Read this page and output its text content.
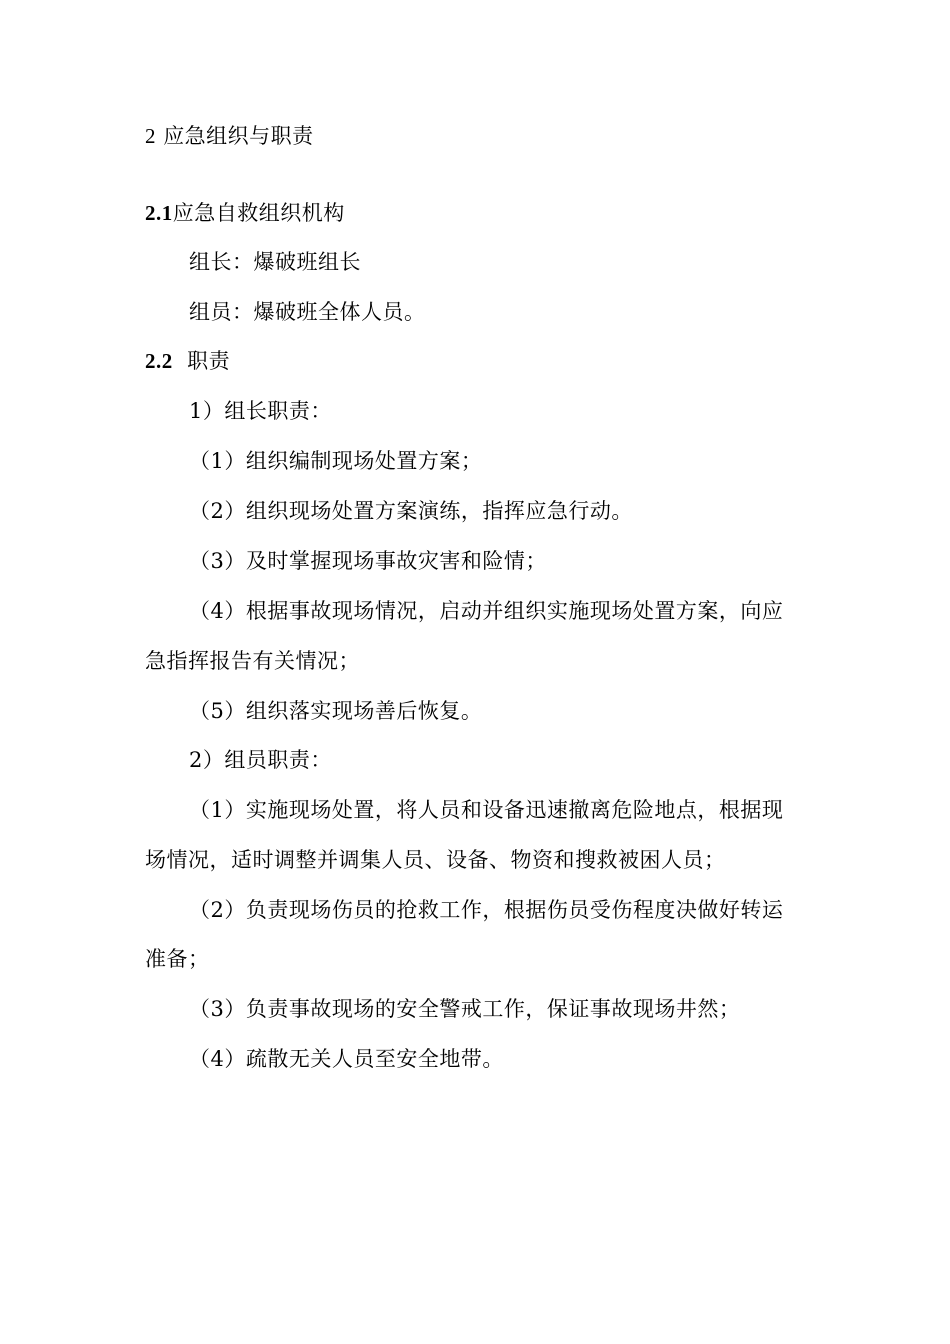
2 应急组织与职责
2.1应急自救组织机构
组长：爆破班组长
组员：爆破班全体人员。
2.2 职责
1）组长职责：
（1）组织编制现场处置方案；
（2）组织现场处置方案演练，指挥应急行动。
（3）及时掌握现场事故灾害和险情；
（4）根据事故现场情况，启动并组织实施现场处置方案，向应
急指挥报告有关情况；
（5）组织落实现场善后恢复。
2）组员职责：
（1）实施现场处置，将人员和设备迅速撤离危险地点，根据现
场情况，适时调整并调集人员、设备、物资和搜救被困人员；
（2）负责现场伤员的抢救工作，根据伤员受伤程度决做好转运
准备；
（3）负责事故现场的安全警戒工作，保证事故现场井然；
（4）疏散无关人员至安全地带。
